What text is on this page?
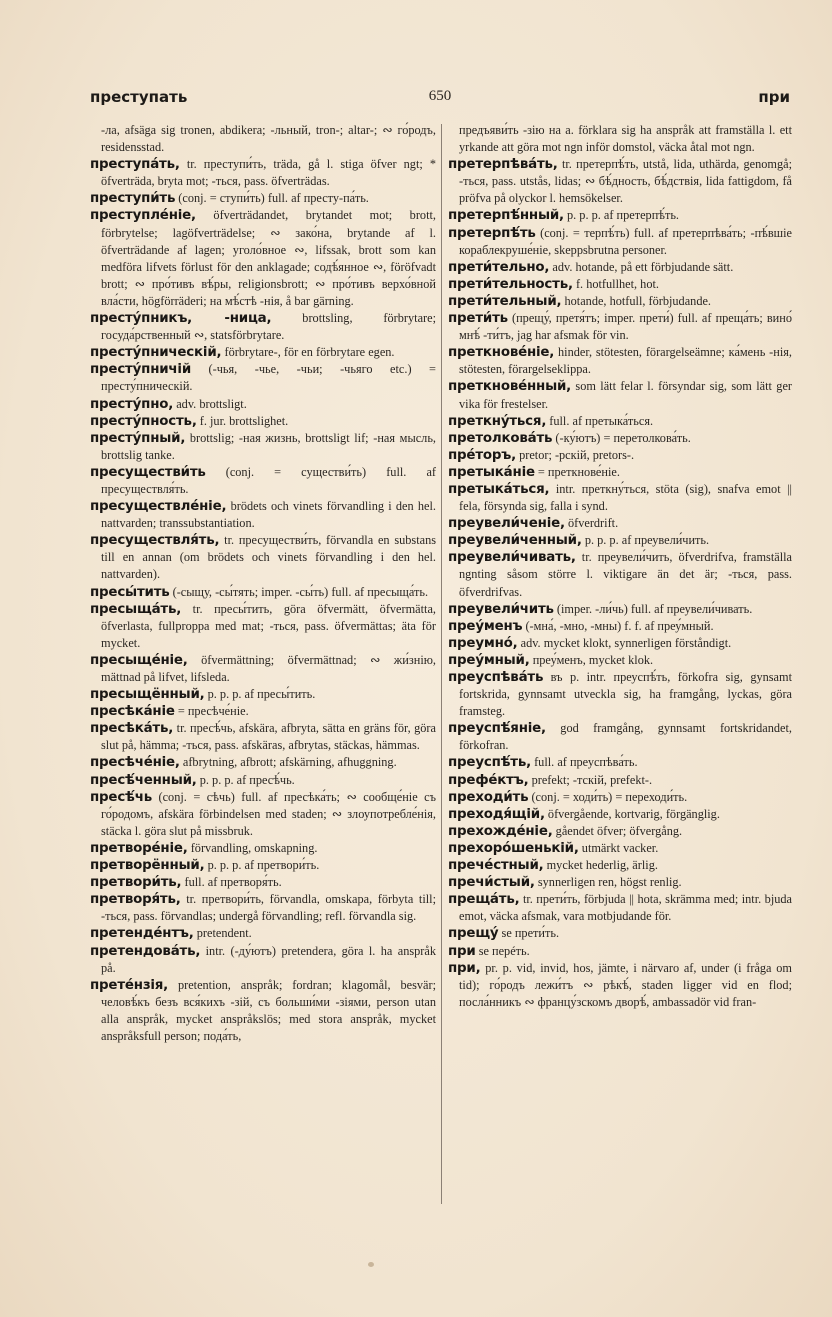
преступать	650	при

-ла, afsäga sig tronen, abdikera; -льный, tron-; altar-; ∾ го́родъ, residensstad.

преступа́ть, tr. преступи́ть, träda, gå l. stiga öfver ngt; * öfverträda, bryta mot; -ться, pass. öfverträdas.

преступи́ть (conj. = ступи́ть) full. af престу-па́ть.

преступле́ніе, öfverträdandet, brytandet mot; brott, förbrytelse; lagöfverträdelse; ∾ зако́на, brytande af l. öfverträdande af lagen; уголо́вное ∾, lifssak, brott som kan medföra lifvets förlust för den anklagade; содѣ́янное ∾, föröfvadt brott; ∾ про́тивъ вѣ́ры, religionsbrott; ∾ про́тивъ верхо́вной вла́сти, högförräderi; на мѣ́стѣ -нія, å bar gärning.

престу́пникъ, -ница, brottsling, förbrytare; госуда́рственный ∾, statsförbrytare.

престу́пническій, förbrytare-, för en förbrytare egen.

престу́пничій (-чья, -чье, -чьи; -чьяго etc.) = престу́пническій.

престу́пно, adv. brottsligt.

престу́пность, f. jur. brottslighet.

престу́пный, brottslig; -ная жизнь, brottsligt lif; -ная мысль, brottslig tanke.

пресуществи́ть (conj. = существи́ть) full. af пресуществля́ть.

пресуществле́ніе, brödets och vinets förvandling i den hel. nattvarden; transsubstantiation.

пресуществля́ть, tr. пресуществи́ть, förvandla en substans till en annan (om brödets och vinets förvandling i den hel. nattvarden).

пресы́тить (-сыщу, -сы́тять; imper. -сы́ть) full. af пресыща́ть.

пресыща́ть, tr. пресы́тить, göra öfvermätt, öfvermätta, öfverlasta, fullproppa med mat; -ться, pass. öfvermättas; äta för mycket.

пресыще́ніе, öfvermättning; öfvermättnad; ∾ жи́знію, mättnad på lifvet, lifsleda.

пресыщённый, p. p. p. af пресы́тить.

пресѣка́ніе = пресѣче́ніе.

пресѣка́ть, tr. пресѣ́чь, afskära, afbryta, sätta en gräns för, göra slut på, hämma; -ться, pass. afskäras, afbrytas, stäckas, hämmas.

пресѣче́ніе, afbrytning, afbrott; afskärning, afhuggning.

пресѣ́ченный, p. p. p. af пресѣ́чь.

пресѣ́чь (conj. = сѣчь) full. af пресѣка́ть; ∾ сообще́ніе съ го́родомъ, afskära förbindelsen med staden; ∾ злоупотребле́нія, stäcka l. göra slut på missbruk.

претворе́ніе, förvandling, omskapning.

претворённый, p. p. p. af претвори́ть.

претвори́ть, full. af претворя́ть.

претворя́ть, tr. претвори́ть, förvandla, omskapa, förbyta till; -ться, pass. förvandlas; undergå förvandling; refl. förvandla sig.

претенде́нтъ, pretendent.

претендова́ть, intr. (-ду́ютъ) pretendera, göra l. ha anspråk på.

прете́нзія, pretention, anspråk; fordran; klagomål, besvär; человѣ́къ безъ вся́кихъ -зій, съ больши́ми -зіями, person utan alla anspråk, mycket anspråkslös; med stora anspråk, mycket anspråksfull person; пода́ть,

предъяви́ть -зію на a. förklara sig ha anspråk att framställa l. ett yrkande att göra mot ngn inför domstol, väcka åtal mot ngn.

претерпѣва́ть, tr. претерпѣ́ть, utstå, lida, uthärda, genomgå; -ться, pass. utstås, lidas; ∾ бѣ́дность, бѣ́дствія, lida fattigdom, få pröfva på olyckor l. hemsökelser.

претерпѣ́нный, p. p. p. af претерпѣ́ть.

претерпѣ́ть (conj. = терпѣ́ть) full. af претерпѣва́ть; -пѣ́вшіе кораблекруше́ніе, skeppsbrutna personer.

прети́тельно, adv. hotande, på ett förbjudande sätt.

прети́тельность, f. hotfullhet, hot.

прети́тельный, hotande, hotfull, förbjudande.

прети́ть (прещу́, претя́тъ; imper. прети́) full. af преща́ть; вино́ мнѣ́ -ти́тъ, jag har afsmak för vin.

преткнове́ніе, hinder, stötesten, förargelseämne; ка́мень -нія, stötesten, förargelseklippa.

преткнове́нный, som lätt felar l. försyndar sig, som lätt ger vika för frestelser.

преткну́ться, full. af претыка́ться.

претолкова́ть (-ку́ютъ) = перетолкова́ть.

прéторъ, pretor; -рскій, pretors-.

претыка́ніе = преткнове́ніе.

претыка́ться, intr. преткну́ться, stöta (sig), snafva emot || fela, försynda sig, falla i synd.

преувели́ченіе, öfverdrift.

преувели́ченный, p. p. p. af преувели́чить.

преувели́чивать, tr. преувели́чить, öfverdrifva, framställa ngnting såsom större l. viktigare än det är; -ться, pass. öfverdrifvas.

преувели́чить (imper. -ли́чь) full. af преувели́чивать.

преу́менъ (-мна́, -мно, -мны) f. f. af преу́мный.

преумно́, adv. mycket klokt, synnerligen förståndigt.

преу́мный, преу́менъ, mycket klok.

преуспѣва́ть въ p. intr. преуспѣ́ть, förkofra sig, gynsamt fortskrida, gynnsamt utveckla sig, ha framgång, lyckas, göra framsteg.

преуспѣ́яніе, god framgång, gynnsamt fortskridandet, förkofran.

преуспѣ́ть, full. af преуспѣва́ть.

префе́ктъ, prefekt; -тскій, prefekt-.

преходи́ть (conj. = ходи́ть) = переходи́ть.

преходя́щій, öfvergående, kortvarig, förgänglig.

прехожде́ніе, gåendet öfver; öfvergång.

прехоро́шенькій, utmärkt vacker.

пречéстный, mycket hederlig, ärlig.

пречи́стый, synnerligen ren, högst renlig.

преща́ть, tr. прети́ть, förbjuda || hota, skrämma med; intr. bjuda emot, väcka afsmak, vara motbjudande för.

прещу́ se прети́ть.

при se перéть.

при, pr. p. vid, invid, hos, jämte, i närvaro af, under (i fråga om tid); го́родъ лежи́тъ ∾ рѣкѣ́, staden ligger vid en flod; посла́нникъ ∾ францу́зскомъ дворѣ́, ambassadör vid fran-
